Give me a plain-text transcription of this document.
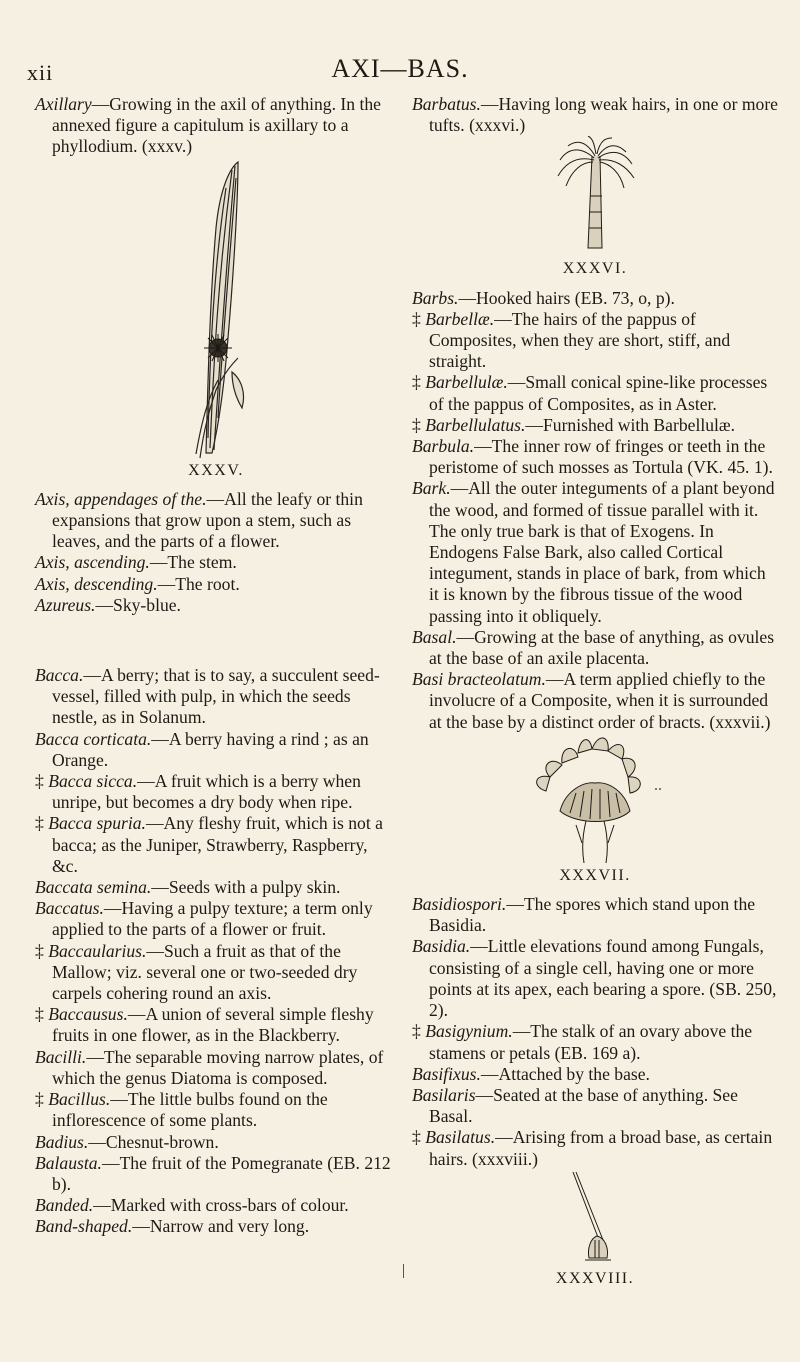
xii	AXI—BAS.

Axillary—Growing in the axil of anything. In the annexed figure a capitulum is axillary to a phyllodium. (xxxv.)

XXXV.

Axis, appendages of the.—All the leafy or thin expansions that grow upon a stem, such as leaves, and the parts of a flower.

Axis, ascending.—The stem.

Axis, descending.—The root.

Azureus.—Sky-blue.

Bacca.—A berry; that is to say, a succulent seed-vessel, filled with pulp, in which the seeds nestle, as in Solanum.

Bacca corticata.—A berry having a rind ; as an Orange.

‡ Bacca sicca.—A fruit which is a berry when unripe, but becomes a dry body when ripe.

‡ Bacca spuria.—Any fleshy fruit, which is not a bacca; as the Juniper, Strawberry, Raspberry, &c.

Baccata semina.—Seeds with a pulpy skin.

Baccatus.—Having a pulpy texture; a term only applied to the parts of a flower or fruit.

‡ Baccaularius.—Such a fruit as that of the Mallow; viz. several one or two-seeded dry carpels cohering round an axis.

‡ Baccausus.—A union of several simple fleshy fruits in one flower, as in the Blackberry.

Bacilli.—The separable moving narrow plates, of which the genus Diatoma is composed.

‡ Bacillus.—The little bulbs found on the inflorescence of some plants.

Badius.—Chesnut-brown.

Balausta.—The fruit of the Pomegranate (EB. 212 b).

Banded.—Marked with cross-bars of colour.

Band-shaped.—Narrow and very long.

Barbatus.—Having long weak hairs, in one or more tufts. (xxxvi.)

XXXVI.

Barbs.—Hooked hairs (EB. 73, o, p).

‡ Barbellæ.—The hairs of the pappus of Composites, when they are short, stiff, and straight.

‡ Barbellulæ.—Small conical spine-like processes of the pappus of Composites, as in Aster.

‡ Barbellulatus.—Furnished with Barbellulæ.

Barbula.—The inner row of fringes or teeth in the peristome of such mosses as Tortula (VK. 45. 1).

Bark.—All the outer integuments of a plant beyond the wood, and formed of tissue parallel with it. The only true bark is that of Exogens. In Endogens False Bark, also called Cortical integument, stands in place of bark, from which it is known by the fibrous tissue of the wood passing into it obliquely.

Basal.—Growing at the base of anything, as ovules at the base of an axile placenta.

Basi bracteolatum.—A term applied chiefly to the involucre of a Composite, when it is surrounded at the base by a distinct order of bracts. (xxxvii.)

XXXVII.

Basidiospori.—The spores which stand upon the Basidia.

Basidia.—Little elevations found among Fungals, consisting of a single cell, having one or more points at its apex, each bearing a spore. (SB. 250, 2).

‡ Basigynium.—The stalk of an ovary above the stamens or petals (EB. 169 a).

Basifixus.—Attached by the base.

Basilaris—Seated at the base of anything. See Basal.

‡ Basilatus.—Arising from a broad base, as certain hairs. (xxxviii.)

XXXVIII.
